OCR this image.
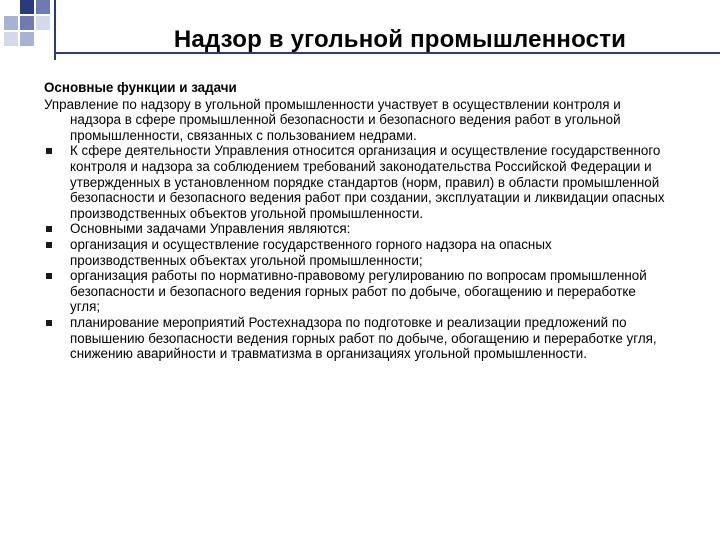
Надзор в угольной промышленности

Основные функции и задачи

Управление по надзору в угольной промышленности участвует в осуществлении контроля и надзора в сфере промышленной безопасности и безопасного ведения работ в угольной промышленности, связанных с пользованием недрами.

К сфере деятельности Управления относится организация и осуществление государственного контроля и надзора за соблюдением требований законодательства Российской Федерации и утвержденных в установленном порядке стандартов (норм, правил) в области промышленной безопасности и безопасного ведения работ при создании, эксплуатации и ликвидации опасных производственных объектов угольной промышленности.
Основными задачами Управления являются:
организация и осуществление государственного горного надзора на опасных производственных объектах угольной промышленности;
организация работы по нормативно-правовому регулированию по вопросам промышленной безопасности и безопасного ведения горных работ по добыче, обогащению и переработке угля;
планирование мероприятий Ростехнадзора по подготовке и реализации предложений по повышению безопасности ведения горных работ по добыче, обогащению и переработке угля, снижению аварийности и травматизма в организациях угольной промышленности.
